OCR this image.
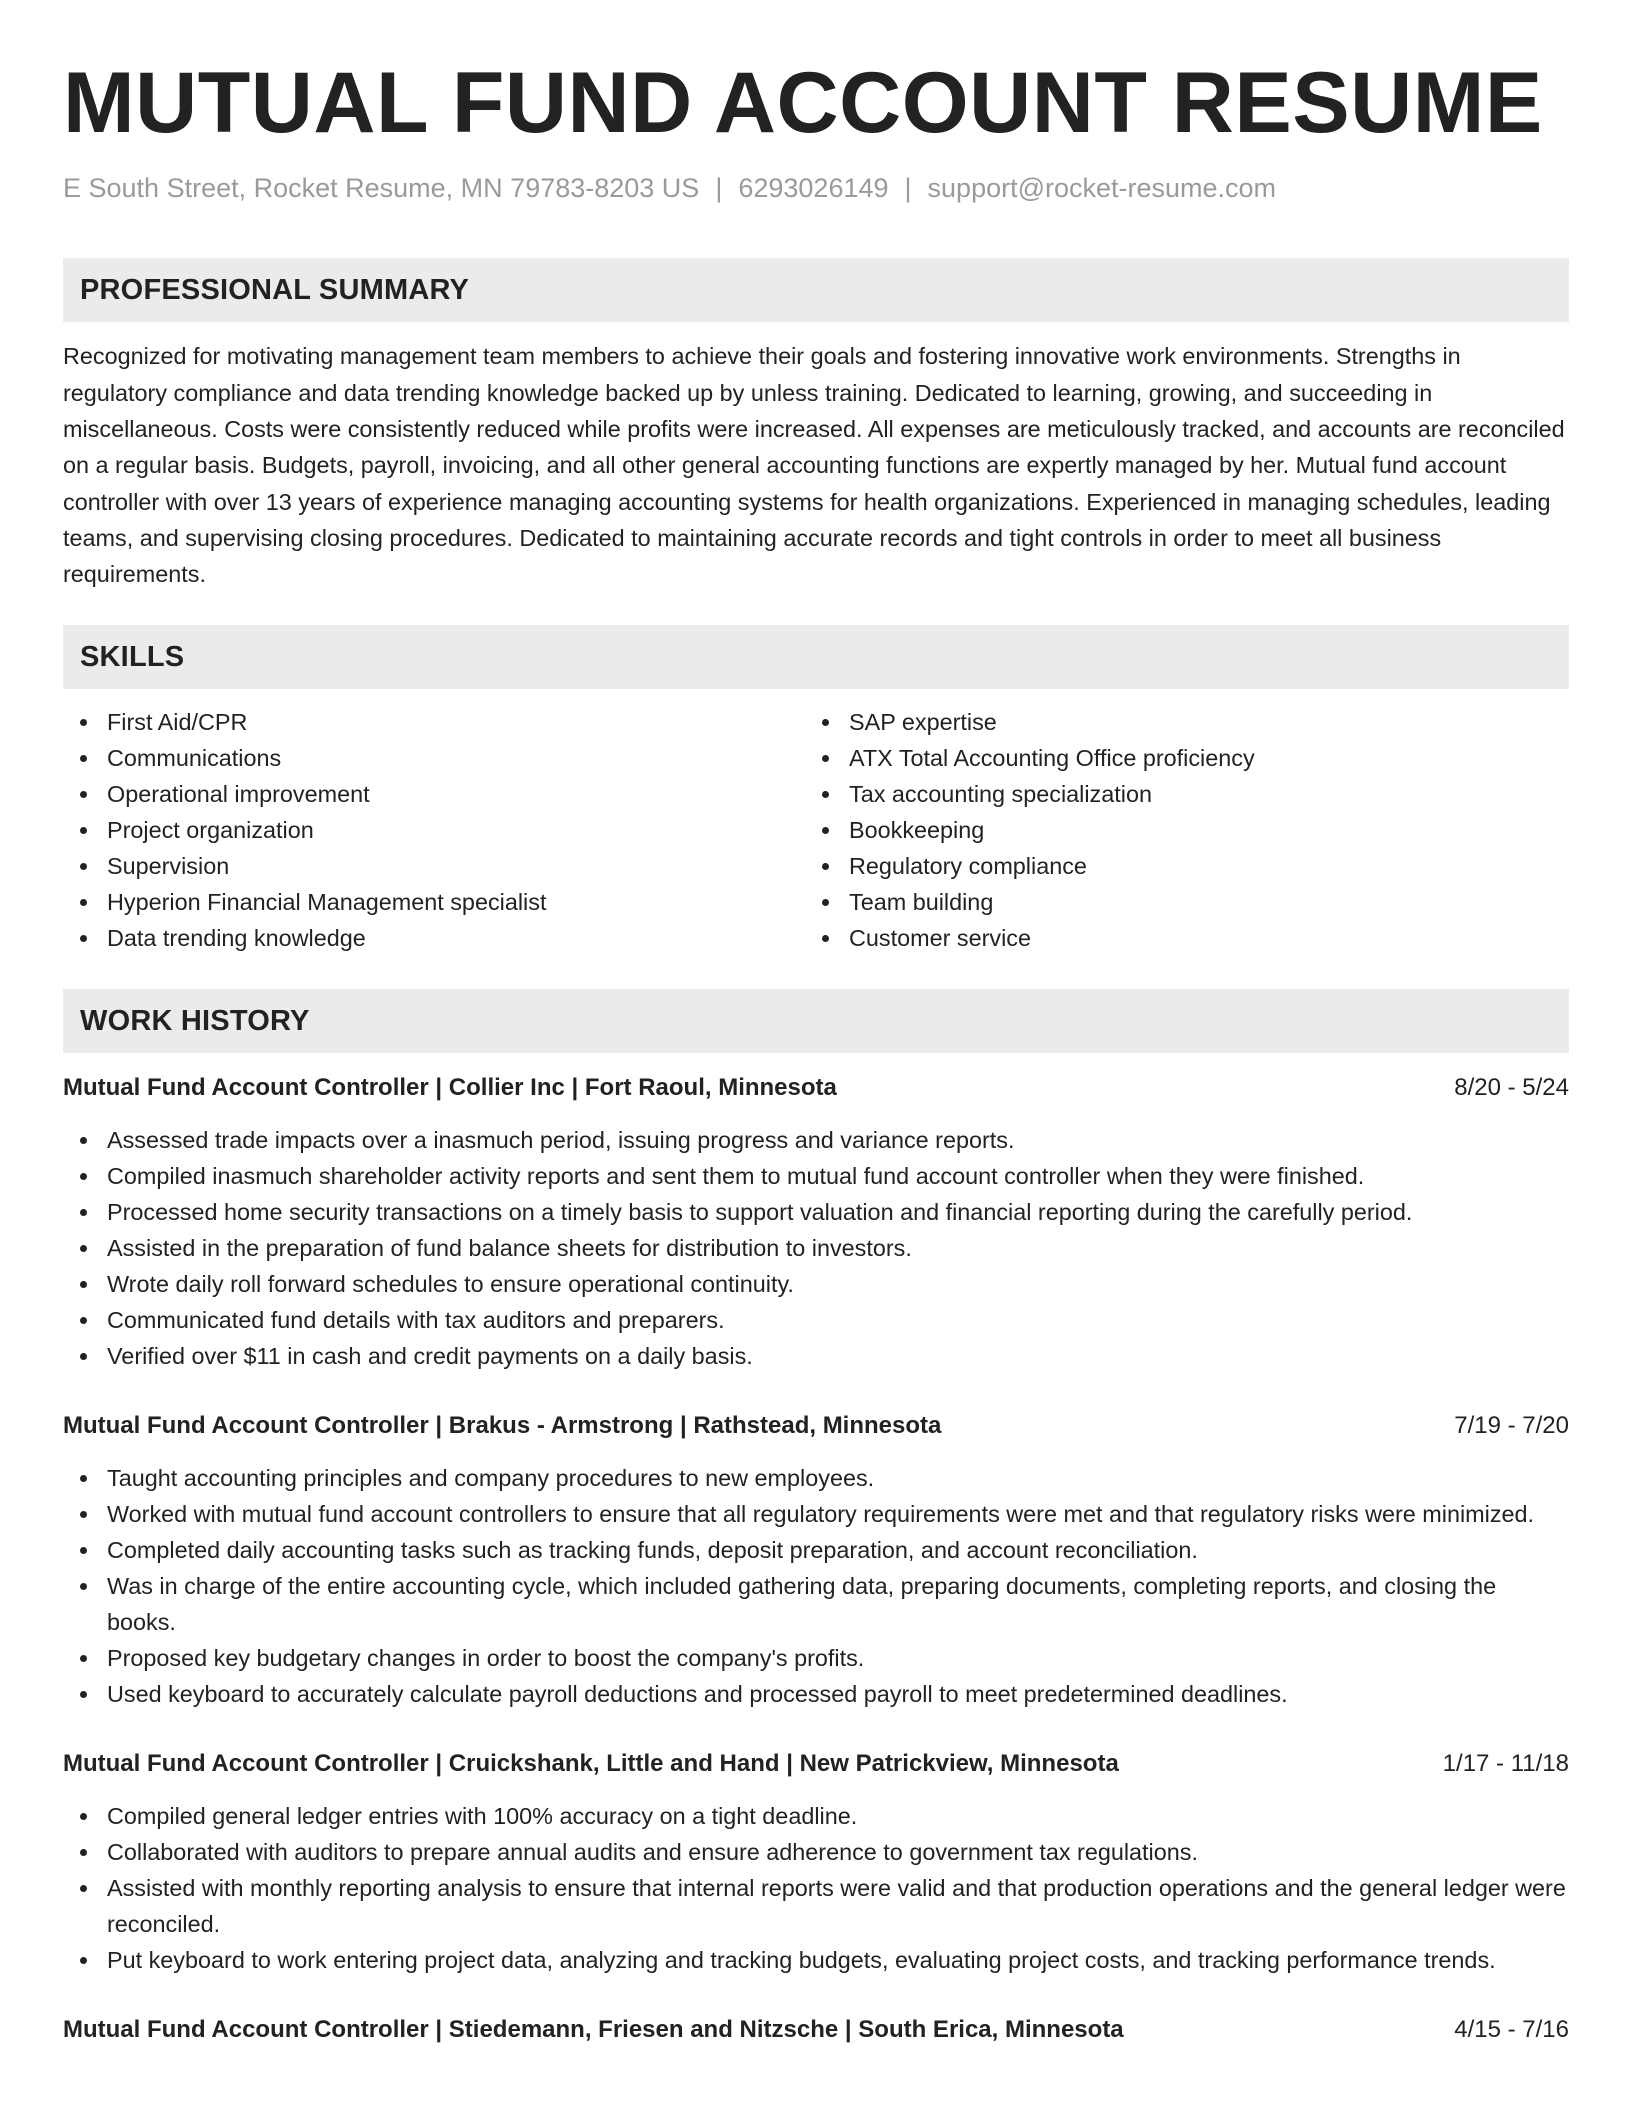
MUTUAL FUND ACCOUNT RESUME
E South Street, Rocket Resume, MN 79783-8203 US | 6293026149 | support@rocket-resume.com
PROFESSIONAL SUMMARY
Recognized for motivating management team members to achieve their goals and fostering innovative work environments. Strengths in regulatory compliance and data trending knowledge backed up by unless training. Dedicated to learning, growing, and succeeding in miscellaneous. Costs were consistently reduced while profits were increased. All expenses are meticulously tracked, and accounts are reconciled on a regular basis. Budgets, payroll, invoicing, and all other general accounting functions are expertly managed by her. Mutual fund account controller with over 13 years of experience managing accounting systems for health organizations. Experienced in managing schedules, leading teams, and supervising closing procedures. Dedicated to maintaining accurate records and tight controls in order to meet all business requirements.
SKILLS
First Aid/CPR
Communications
Operational improvement
Project organization
Supervision
Hyperion Financial Management specialist
Data trending knowledge
SAP expertise
ATX Total Accounting Office proficiency
Tax accounting specialization
Bookkeeping
Regulatory compliance
Team building
Customer service
WORK HISTORY
Mutual Fund Account Controller | Collier Inc | Fort Raoul, Minnesota	8/20 - 5/24
Assessed trade impacts over a inasmuch period, issuing progress and variance reports.
Compiled inasmuch shareholder activity reports and sent them to mutual fund account controller when they were finished.
Processed home security transactions on a timely basis to support valuation and financial reporting during the carefully period.
Assisted in the preparation of fund balance sheets for distribution to investors.
Wrote daily roll forward schedules to ensure operational continuity.
Communicated fund details with tax auditors and preparers.
Verified over $11 in cash and credit payments on a daily basis.
Mutual Fund Account Controller | Brakus - Armstrong | Rathstead, Minnesota	7/19 - 7/20
Taught accounting principles and company procedures to new employees.
Worked with mutual fund account controllers to ensure that all regulatory requirements were met and that regulatory risks were minimized.
Completed daily accounting tasks such as tracking funds, deposit preparation, and account reconciliation.
Was in charge of the entire accounting cycle, which included gathering data, preparing documents, completing reports, and closing the books.
Proposed key budgetary changes in order to boost the company's profits.
Used keyboard to accurately calculate payroll deductions and processed payroll to meet predetermined deadlines.
Mutual Fund Account Controller | Cruickshank, Little and Hand | New Patrickview, Minnesota	1/17 - 11/18
Compiled general ledger entries with 100% accuracy on a tight deadline.
Collaborated with auditors to prepare annual audits and ensure adherence to government tax regulations.
Assisted with monthly reporting analysis to ensure that internal reports were valid and that production operations and the general ledger were reconciled.
Put keyboard to work entering project data, analyzing and tracking budgets, evaluating project costs, and tracking performance trends.
Mutual Fund Account Controller | Stiedemann, Friesen and Nitzsche | South Erica, Minnesota	4/15 - 7/16
